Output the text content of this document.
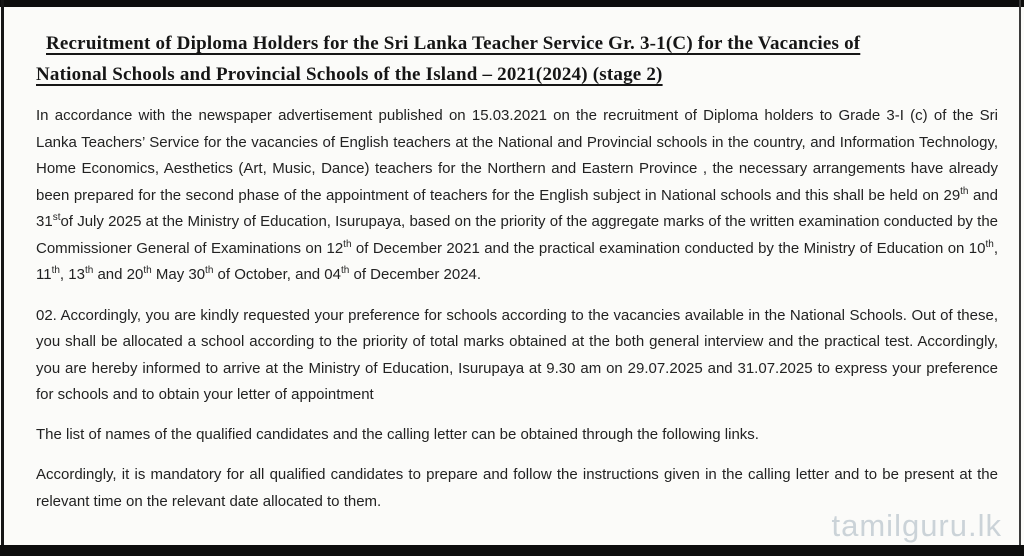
Recruitment of Diploma Holders for the Sri Lanka Teacher Service Gr. 3-1(C) for the Vacancies of
National Schools and Provincial Schools of the Island – 2021(2024) (stage 2)

In accordance with the newspaper advertisement published on 15.03.2021 on the recruitment of Diploma holders to Grade 3-I (c) of the Sri Lanka Teachers’ Service for the vacancies of English teachers at the National and Provincial schools in the country, and Information Technology, Home Economics, Aesthetics (Art, Music, Dance) teachers for the Northern and Eastern Province , the necessary arrangements have already been prepared for the second phase of the appointment of teachers for the English subject in National schools and this shall be held on 29th and 31stof July 2025 at the Ministry of Education, Isurupaya, based on the priority of the aggregate marks of the written examination conducted by the Commissioner General of Examinations on 12th of December 2021 and the practical examination conducted by the Ministry of Education on 10th, 11th, 13th and 20th May 30th of October, and 04th of December 2024.

02. Accordingly, you are kindly requested your preference for schools according to the vacancies available in the National Schools. Out of these, you shall be allocated a school according to the priority of total marks obtained at the both general interview and the practical test. Accordingly, you are hereby informed to arrive at the Ministry of Education, Isurupaya at 9.30 am on 29.07.2025 and 31.07.2025 to express your preference for schools and to obtain your letter of appointment

The list of names of the qualified candidates and the calling letter can be obtained through the following links.

Accordingly, it is mandatory for all qualified candidates to prepare and follow the instructions given in the calling letter and to be present at the relevant time on the relevant date allocated to them.

tamilguru.lk
